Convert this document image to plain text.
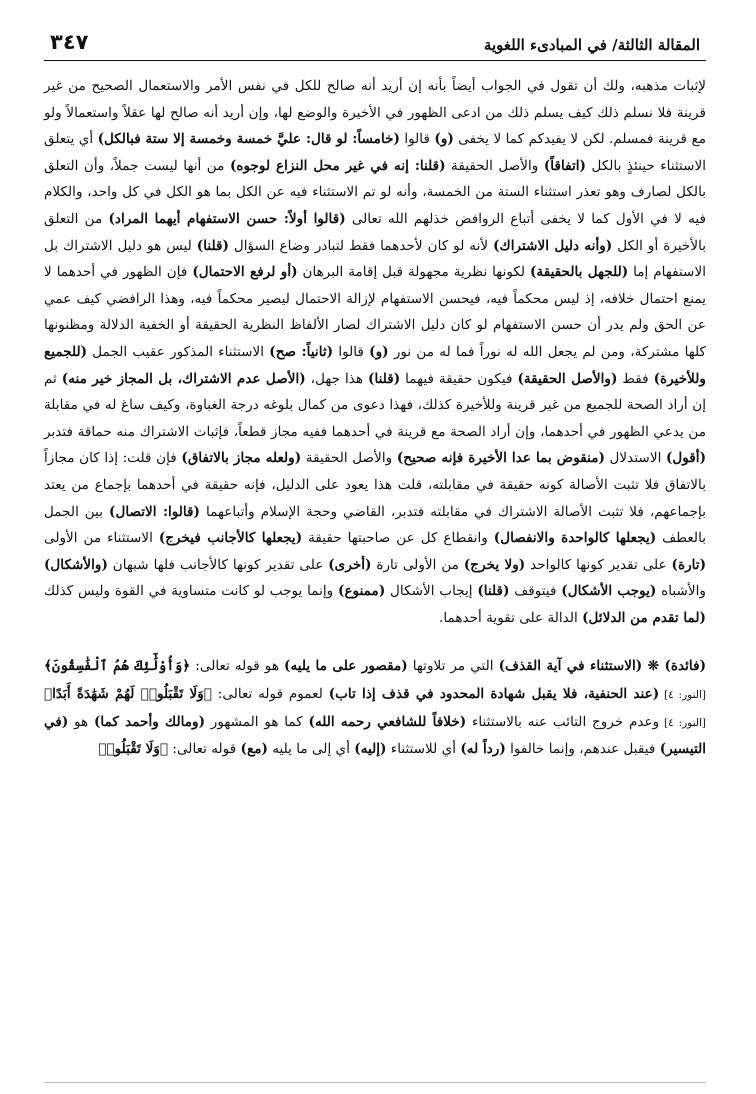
المقالة الثالثة/ في المبادىء اللغوية
٣٤٧

لإثبات مذهبه، ولك أن تقول في الجواب أيضاً بأنه إن أريد أنه صالح للكل في نفس الأمر والاستعمال الصحيح من غير قرينة فلا نسلم ذلك كيف يسلم ذلك من ادعى الظهور في الأخيرة والوضع لها، وإن أريد أنه صالح لها عقلاً واستعمالاً ولو مع قرينة فمسلم. لكن لا يفيدكم كما لا يخفى (و) قالوا (خامساً: لو قال: عليَّ خمسة وخمسة إلا ستة فبالكل) أي يتعلق الاستثناء حينئذٍ بالكل (اتفاقاً) والأصل الحقيقة (قلنا: إنه في غير محل النزاع لوجوه) من أنها ليست جملاً، وأن التعلق بالكل لصارف وهو تعذر استثناء الستة من الخمسة، وأنه لو تم الاستثناء فيه عن الكل بما هو الكل في كل واحد، والكلام فيه لا في الأول كما لا يخفى أتباع الروافض خذلهم الله تعالى (قالوا أولاً: حسن الاستفهام أيهما المراد) من التعلق بالأخيرة أو الكل (وأنه دليل الاشتراك) لأنه لو كان لأحدهما فقط لتبادر وضاع السؤال (قلنا) ليس هو دليل الاشتراك بل الاستفهام إما (للجهل بالحقيقة) لكونها نظرية مجهولة قبل إقامة البرهان (أو لرفع الاحتمال) فإن الظهور في أحدهما لا يمنع احتمال خلافه، إذ ليس محكماً فيه، فيحسن الاستفهام لإزالة الاحتمال ليصير محكماً فيه، وهذا الرافضي كيف عمي عن الحق ولم يدر أن حسن الاستفهام لو كان دليل الاشتراك لصار الألفاظ النظرية الحقيقة أو الخفية الدلالة ومظنونها كلها مشتركة، ومن لم يجعل الله له نوراً فما له من نور (و) قالوا (ثانياً: صح) الاستثناء المذكور عقيب الجمل (للجميع وللأخيرة) فقط (والأصل الحقيقة) فيكون حقيقة فيهما (قلنا) هذا جهل، (الأصل عدم الاشتراك، بل المجاز خير منه) ثم إن أراد الصحة للجميع من غير قرينة وللأخيرة كذلك، فهذا دعوى من كمال بلوغه درجة الغباوة، وكيف ساغ له في مقابلة من يدعي الظهور في أحدهما، وإن أراد الصحة مع قرينة في أحدهما ففيه مجاز قطعاً، فإثبات الاشتراك منه حماقة فتدبر (أقول) الاستدلال (منقوض بما عدا الأخيرة فإنه صحيح) والأصل الحقيقة (ولعله مجاز بالاتفاق) فإن قلت: إذا كان مجازاً بالاتفاق فلا تثبت الأصالة كونه حقيقة في مقابلته، قلت هذا يعود على الدليل، فإنه حقيقة في أحدهما بإجماع من يعتد بإجماعهم، فلا تثبت الأصالة الاشتراك في مقابلته فتدبر، القاضي وحجة الإسلام وأتباعهما (قالوا: الاتصال) بين الجمل بالعطف (يجعلها كالواحدة والانفصال) وانقطاع كل عن صاحبتها حقيقة (يجعلها كالأجانب فيخرج) الاستثناء من الأولى (تارة) على تقدير كونها كالواحد (ولا يخرج) من الأولى تارة (أخرى) على تقدير كونها كالأجانب فلها شبهان (والأشكال) والأشباه (يوجب الأشكال) فيتوقف (قلنا) إيجاب الأشكال (ممنوع) وإنما يوجب لو كانت متساوية في القوة وليس كذلك (لما تقدم من الدلائل) الدالة على تقوية أحدهما.

(فائدة) ❊ (الاستثناء في آية القذف) التي مر تلاوتها (مقصور على ما يليه) هو قوله تعالى: ﴿وَأُوْلَٰٓئِكَ هُمُ ٱلْفَٰسِقُونَ﴾ [النور: ٤] (عند الحنفية، فلا يقبل شهادة المحدود في قذف إذا تاب) لعموم قوله تعالى: ﴿وَلَا تَقْبَلُوا۟ لَهُمْ شَهَٰدَةً أَبَدًا﴾ [النور: ٤] وعدم خروج التائب عنه بالاستثناء (خلافاً للشافعي رحمه الله) كما هو المشهور (ومالك وأحمد كما) هو (في التيسير) فيقبل عندهم، وإنما خالفوا (رداً له) أي للاستثناء (إليه) أي إلى ما يليه (مع) قوله تعالى: ﴿وَلَا تَقْبَلُوا۟
